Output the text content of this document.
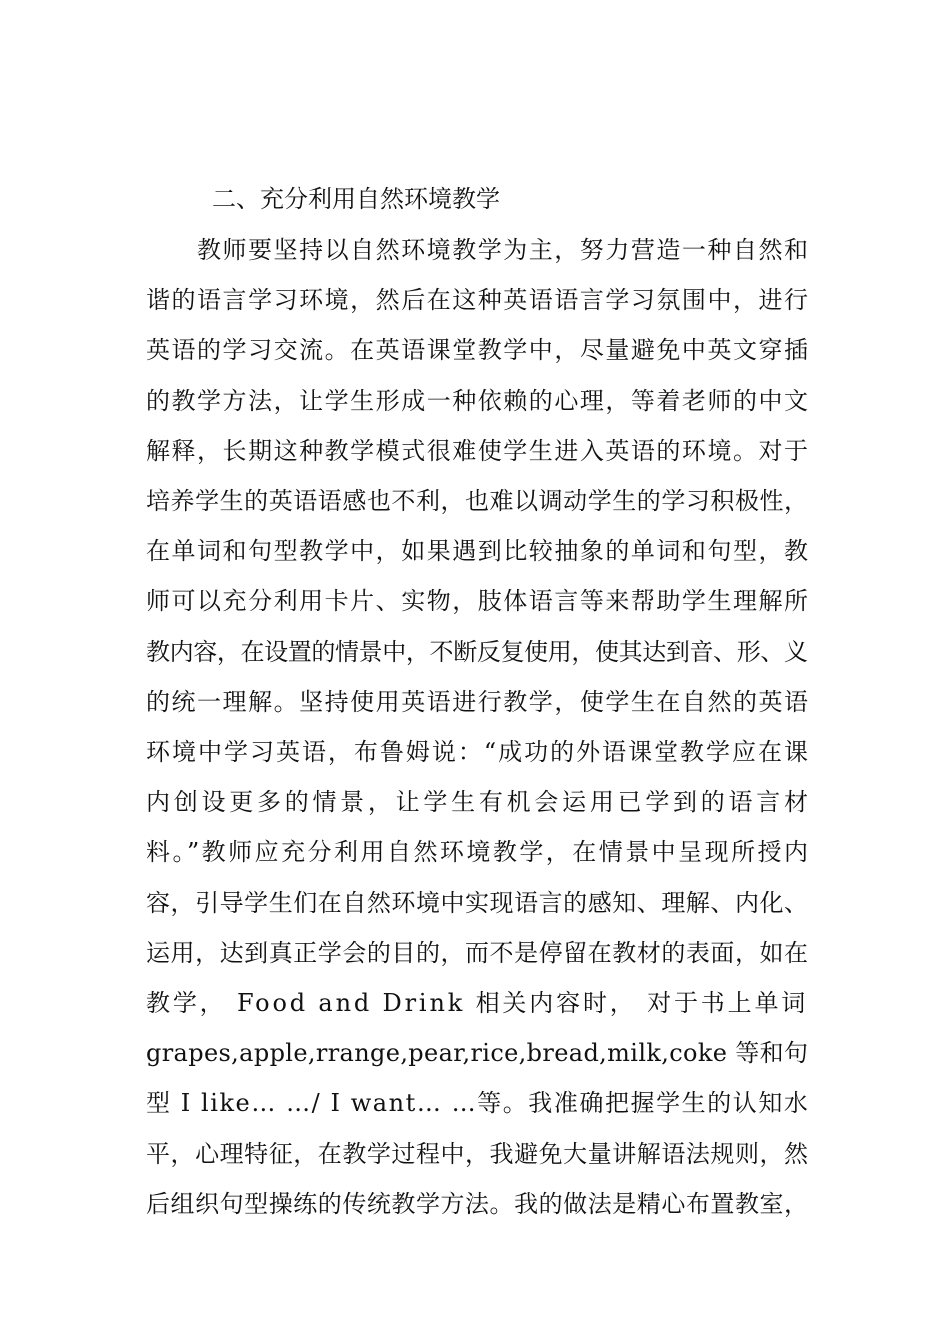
二、充分利用自然环境教学
教师要坚持以自然环境教学为主，努力营造一种自然和
谐的语言学习环境，然后在这种英语语言学习氛围中，进行
英语的学习交流。在英语课堂教学中，尽量避免中英文穿插
的教学方法，让学生形成一种依赖的心理，等着老师的中文
解释，长期这种教学模式很难使学生进入英语的环境。对于
培养学生的英语语感也不利，也难以调动学生的学习积极性，
在单词和句型教学中，如果遇到比较抽象的单词和句型，教
师可以充分利用卡片、实物，肢体语言等来帮助学生理解所
教内容，在设置的情景中，不断反复使用，使其达到音、形、义
的统一理解。坚持使用英语进行教学，使学生在自然的英语
环境中学习英语，布鲁姆说：“成功的外语课堂教学应在课
内创设更多的情景，让学生有机会运用已学到的语言材
料。”教师应充分利用自然环境教学，在情景中呈现所授内
容，引导学生们在自然环境中实现语言的感知、理解、内化、
运用，达到真正学会的目的，而不是停留在教材的表面，如在
教学， Food and Drink 相关内容时， 对于书上单词
grapes,apple,rrange,pear,rice,bread,milk,coke 等和句
型 I like… …/ I want… …等。我准确把握学生的认知水
平，心理特征，在教学过程中，我避免大量讲解语法规则，然
后组织句型操练的传统教学方法。我的做法是精心布置教室，
